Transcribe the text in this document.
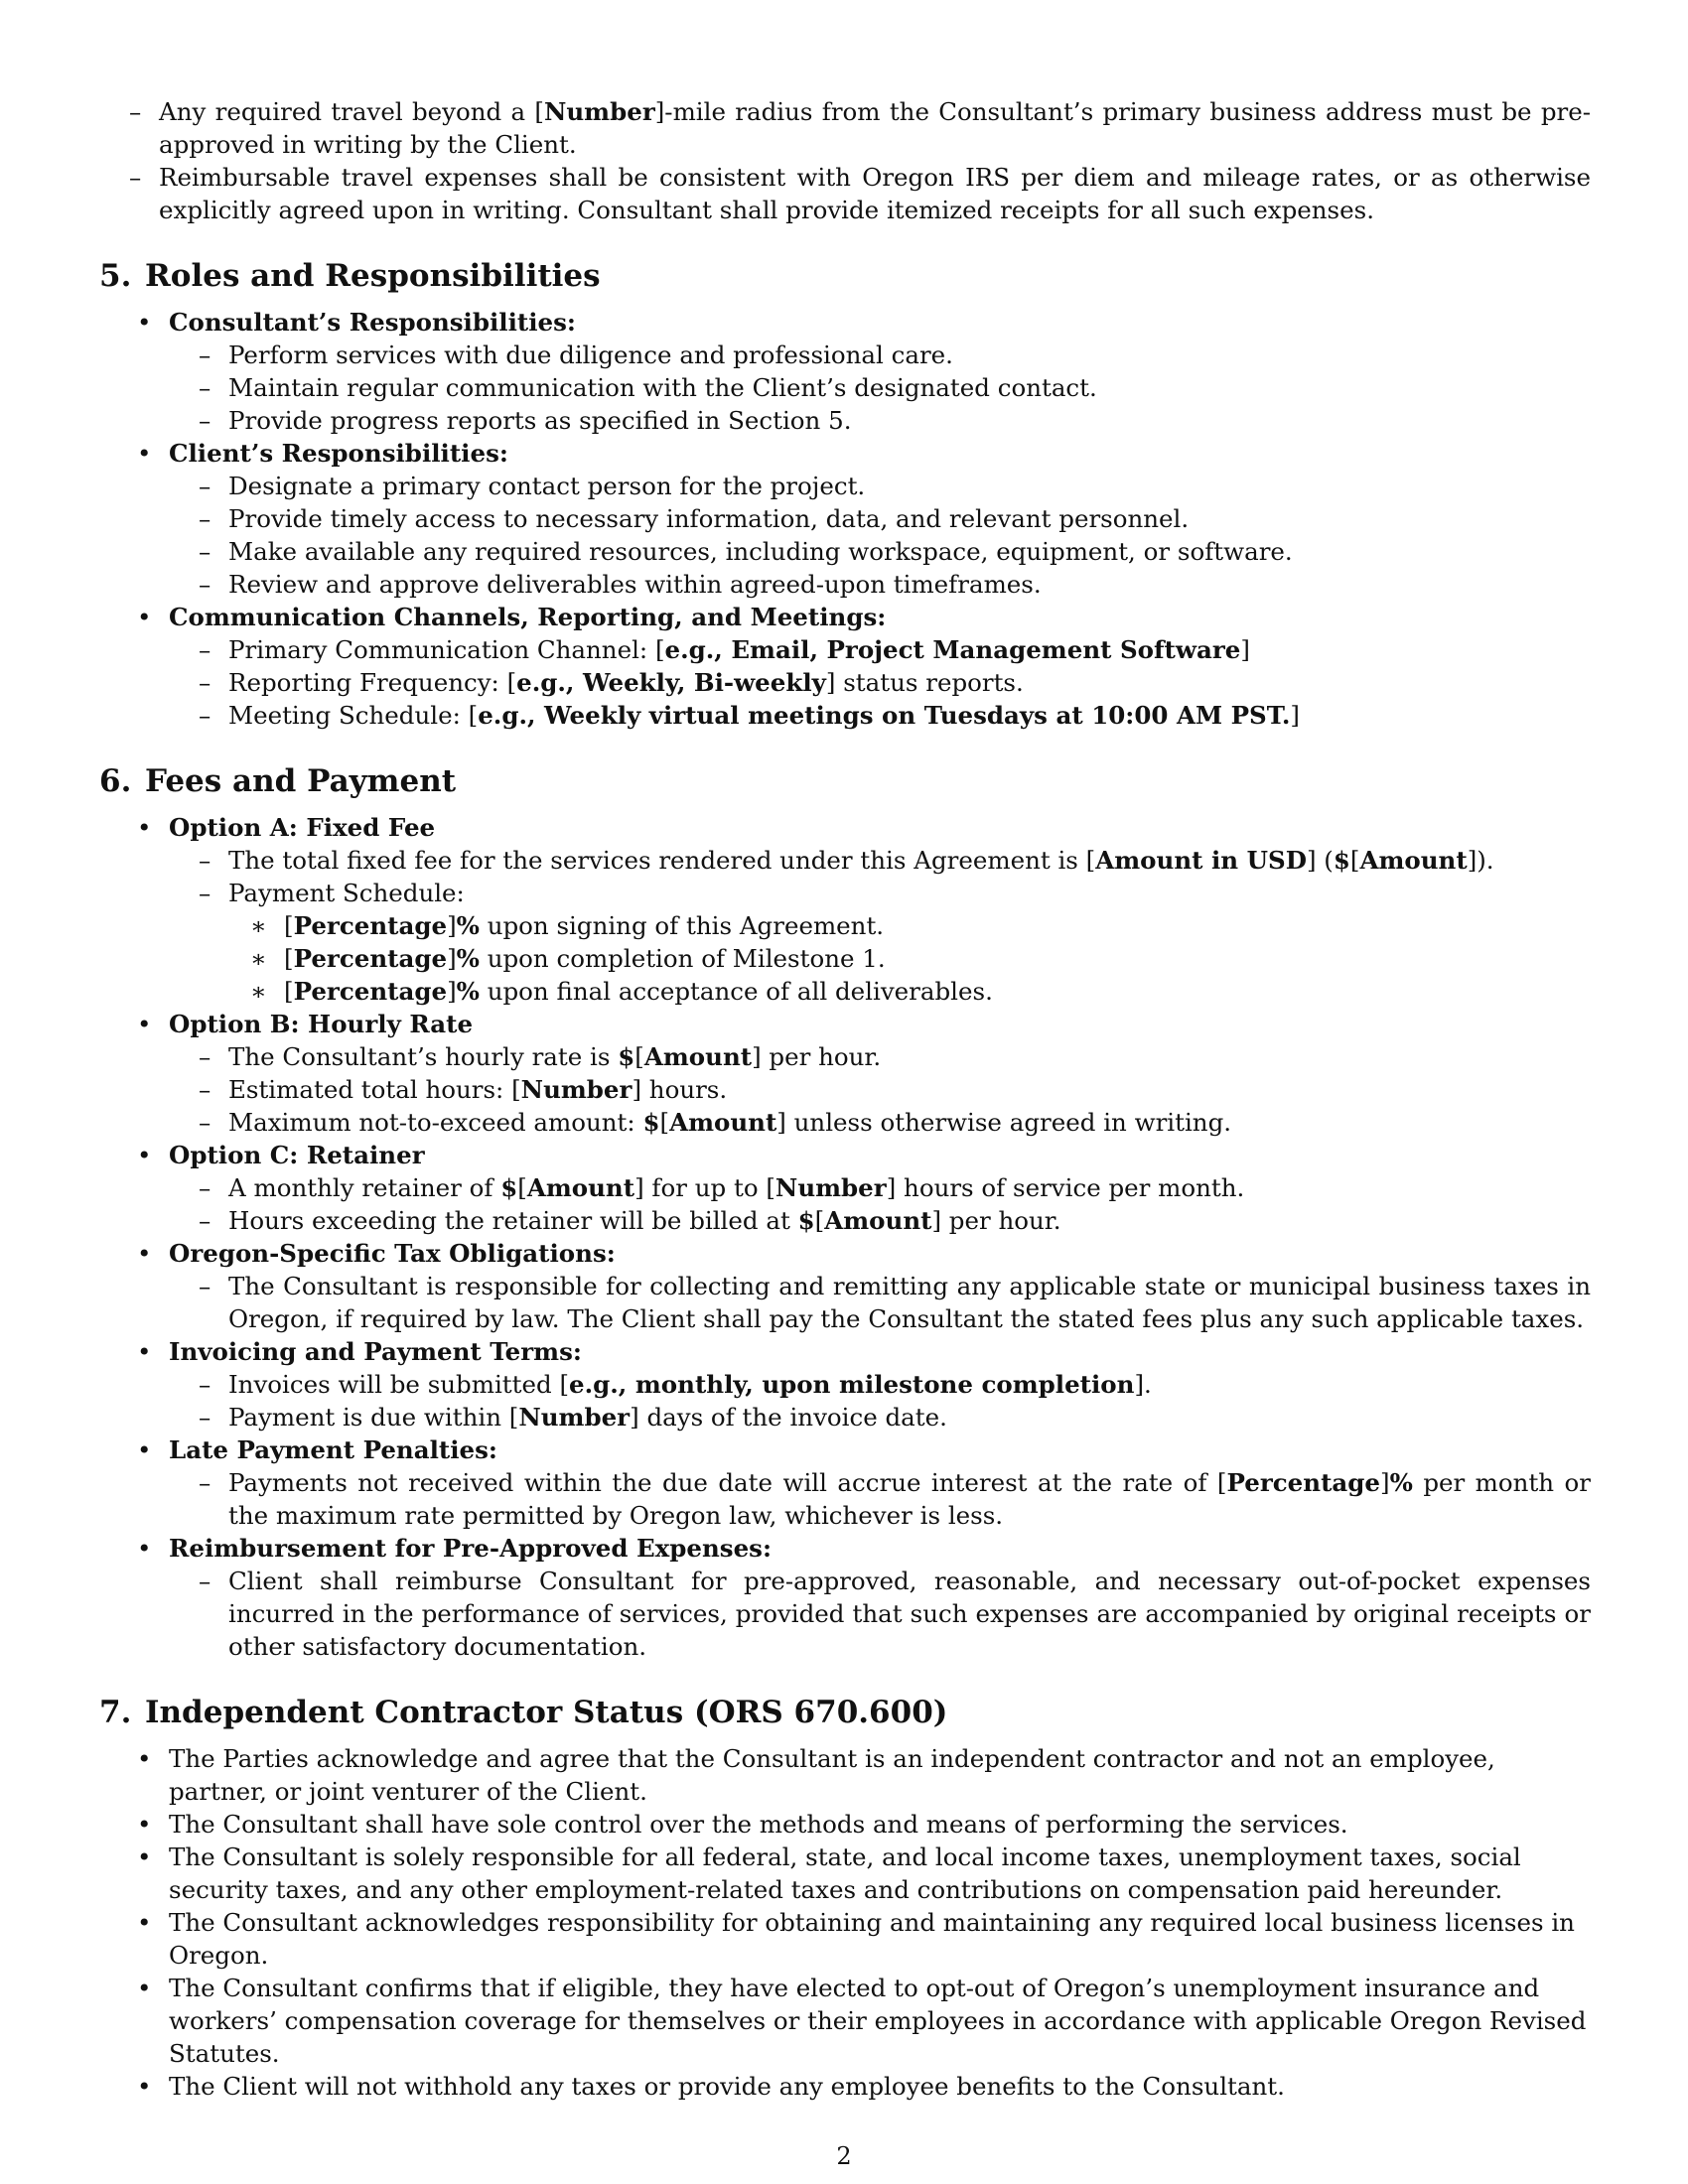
– Any required travel beyond a [Number]-mile radius from the Consultant’s primary business address must be pre-approved in writing by the Client.
– Reimbursable travel expenses shall be consistent with Oregon IRS per diem and mileage rates, or as otherwise explicitly agreed upon in writing. Consultant shall provide itemized receipts for all such expenses.
5. Roles and Responsibilities
• Consultant’s Responsibilities:
– Perform services with due diligence and professional care.
– Maintain regular communication with the Client’s designated contact.
– Provide progress reports as specified in Section 5.
• Client’s Responsibilities:
– Designate a primary contact person for the project.
– Provide timely access to necessary information, data, and relevant personnel.
– Make available any required resources, including workspace, equipment, or software.
– Review and approve deliverables within agreed-upon timeframes.
• Communication Channels, Reporting, and Meetings:
– Primary Communication Channel: [e.g., Email, Project Management Software]
– Reporting Frequency: [e.g., Weekly, Bi-weekly] status reports.
– Meeting Schedule: [e.g., Weekly virtual meetings on Tuesdays at 10:00 AM PST.]
6. Fees and Payment
• Option A: Fixed Fee
– The total fixed fee for the services rendered under this Agreement is [Amount in USD] ($[Amount]).
– Payment Schedule:
∗ [Percentage]% upon signing of this Agreement.
∗ [Percentage]% upon completion of Milestone 1.
∗ [Percentage]% upon final acceptance of all deliverables.
• Option B: Hourly Rate
– The Consultant’s hourly rate is $[Amount] per hour.
– Estimated total hours: [Number] hours.
– Maximum not-to-exceed amount: $[Amount] unless otherwise agreed in writing.
• Option C: Retainer
– A monthly retainer of $[Amount] for up to [Number] hours of service per month.
– Hours exceeding the retainer will be billed at $[Amount] per hour.
• Oregon-Specific Tax Obligations:
– The Consultant is responsible for collecting and remitting any applicable state or municipal business taxes in Oregon, if required by law. The Client shall pay the Consultant the stated fees plus any such applicable taxes.
• Invoicing and Payment Terms:
– Invoices will be submitted [e.g., monthly, upon milestone completion].
– Payment is due within [Number] days of the invoice date.
• Late Payment Penalties:
– Payments not received within the due date will accrue interest at the rate of [Percentage]% per month or the maximum rate permitted by Oregon law, whichever is less.
• Reimbursement for Pre-Approved Expenses:
– Client shall reimburse Consultant for pre-approved, reasonable, and necessary out-of-pocket expenses incurred in the performance of services, provided that such expenses are accompanied by original receipts or other satisfactory documentation.
7. Independent Contractor Status (ORS 670.600)
• The Parties acknowledge and agree that the Consultant is an independent contractor and not an employee, partner, or joint venturer of the Client.
• The Consultant shall have sole control over the methods and means of performing the services.
• The Consultant is solely responsible for all federal, state, and local income taxes, unemployment taxes, social security taxes, and any other employment-related taxes and contributions on compensation paid hereunder.
• The Consultant acknowledges responsibility for obtaining and maintaining any required local business licenses in Oregon.
• The Consultant confirms that if eligible, they have elected to opt-out of Oregon’s unemployment insurance and workers’ compensation coverage for themselves or their employees in accordance with applicable Oregon Revised Statutes.
• The Client will not withhold any taxes or provide any employee benefits to the Consultant.
2
